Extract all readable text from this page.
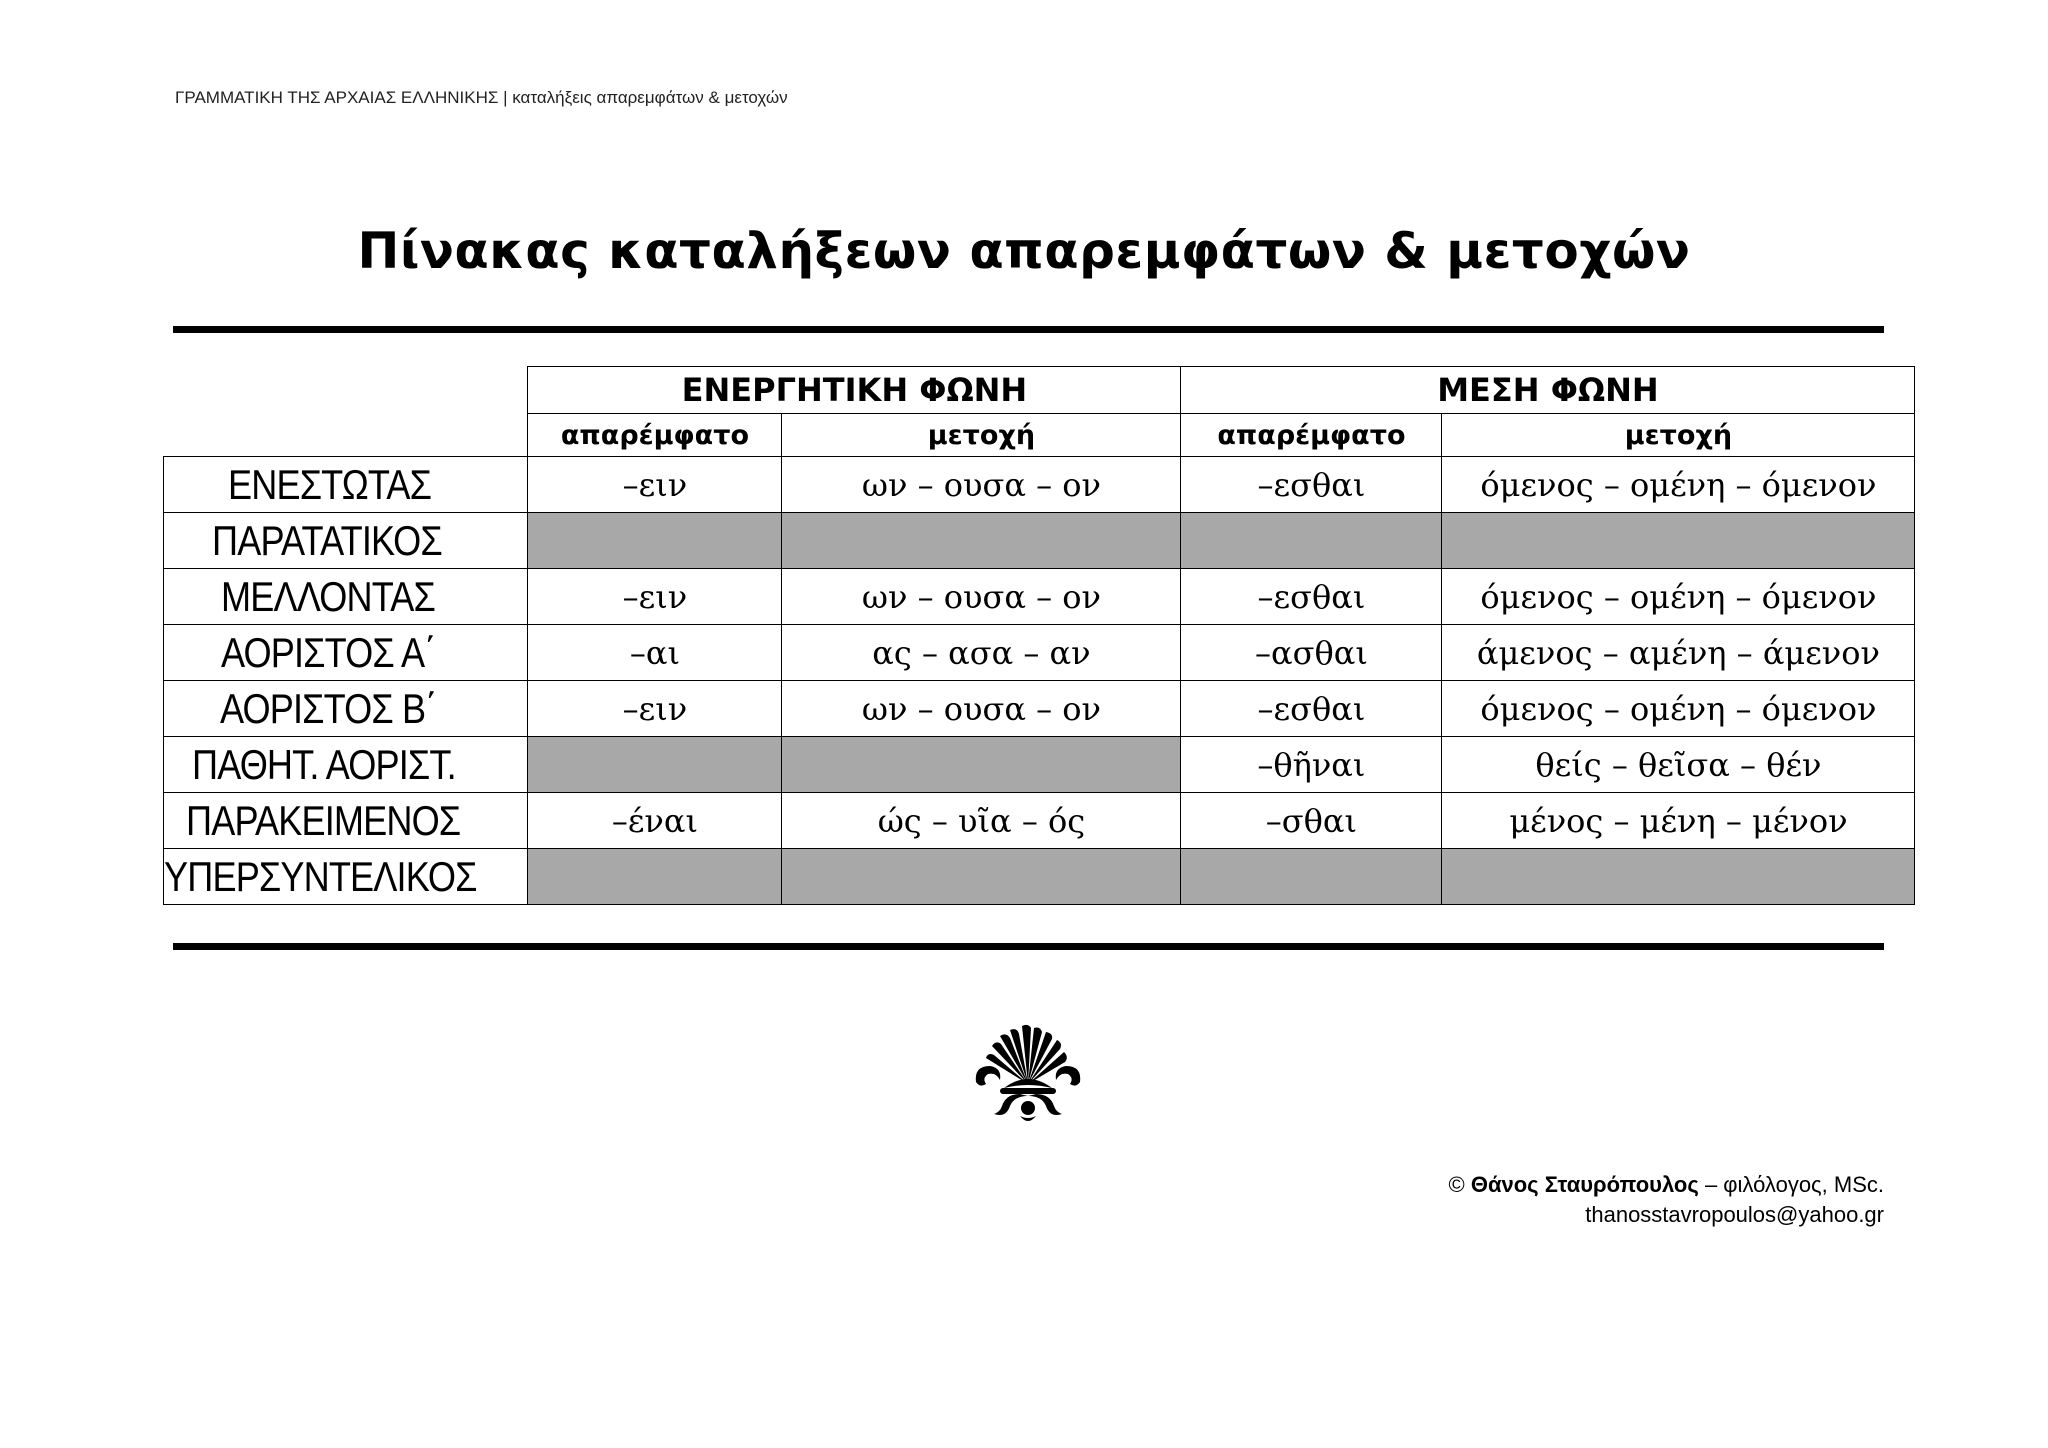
ΓΡΑΜΜΑΤΙΚΗ ΤΗΣ ΑΡΧΑΙΑΣ ΕΛΛΗΝΙΚΗΣ | καταλήξεις απαρεμφάτων & μετοχών
Πίνακας καταλήξεων απαρεμφάτων & μετοχών
	ΕΝΕΡΓΗΤΙΚΗ ΦΩΝΗ		ΜΕΣΗ ΦΩΝΗ	
	απαρέμφατο	μετοχή	απαρέμφατο	μετοχή
ΕΝΕΣΤΩΤΑΣ	–ειν	ων – ουσα – ον	–εσθαι	όμενος – ομένη – όμενον
ΠΑΡΑΤΑΤΙΚΟΣ				
ΜΕΛΛΟΝΤΑΣ	–ειν	ων – ουσα – ον	–εσθαι	όμενος – ομένη – όμενον
ΑΟΡΙΣΤΟΣ Α΄	–αι	ας – ασα – αν	–ασθαι	άμενος – αμένη – άμενον
ΑΟΡΙΣΤΟΣ Β΄	–ειν	ων – ουσα – ον	–εσθαι	όμενος – ομένη – όμενον
ΠΑΘΗΤ. ΑΟΡΙΣΤ.			–θῆναι	θείς – θεῖσα – θέν
ΠΑΡΑΚΕΙΜΕΝΟΣ	–έναι	ώς – υῖα – ός	–σθαι	μένος – μένη – μένον
ΥΠΕΡΣΥΝΤΕΛΙΚΟΣ				
© Θάνος Σταυρόπουλος – φιλόλογος, MSc.
thanosstavropoulos@yahoo.gr
